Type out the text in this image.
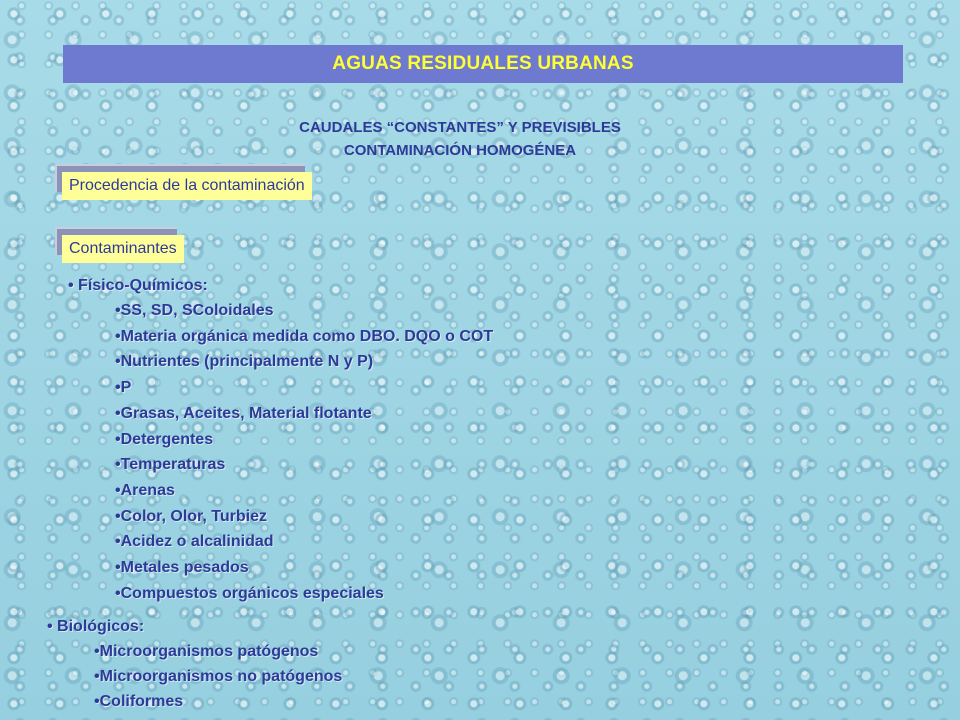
AGUAS RESIDUALES URBANAS
CAUDALES “CONSTANTES” Y PREVISIBLES
CONTAMINACIÓN HOMOGÉNEA
Procedencia de la contaminación
Contaminantes
• Físico-Químicos:
• SS, SD, SColoidales
• Materia orgánica medida como DBO. DQO o COT
• Nutrientes (principalmente N y P)
• P
• Grasas, Aceites, Material flotante
• Detergentes
• Temperaturas
• Arenas
• Color, Olor, Turbiez
• Acidez o alcalinidad
• Metales pesados
• Compuestos orgánicos especiales
• Biológicos:
• Microorganismos patógenos
• Microorganismos no patógenos
• Coliformes
